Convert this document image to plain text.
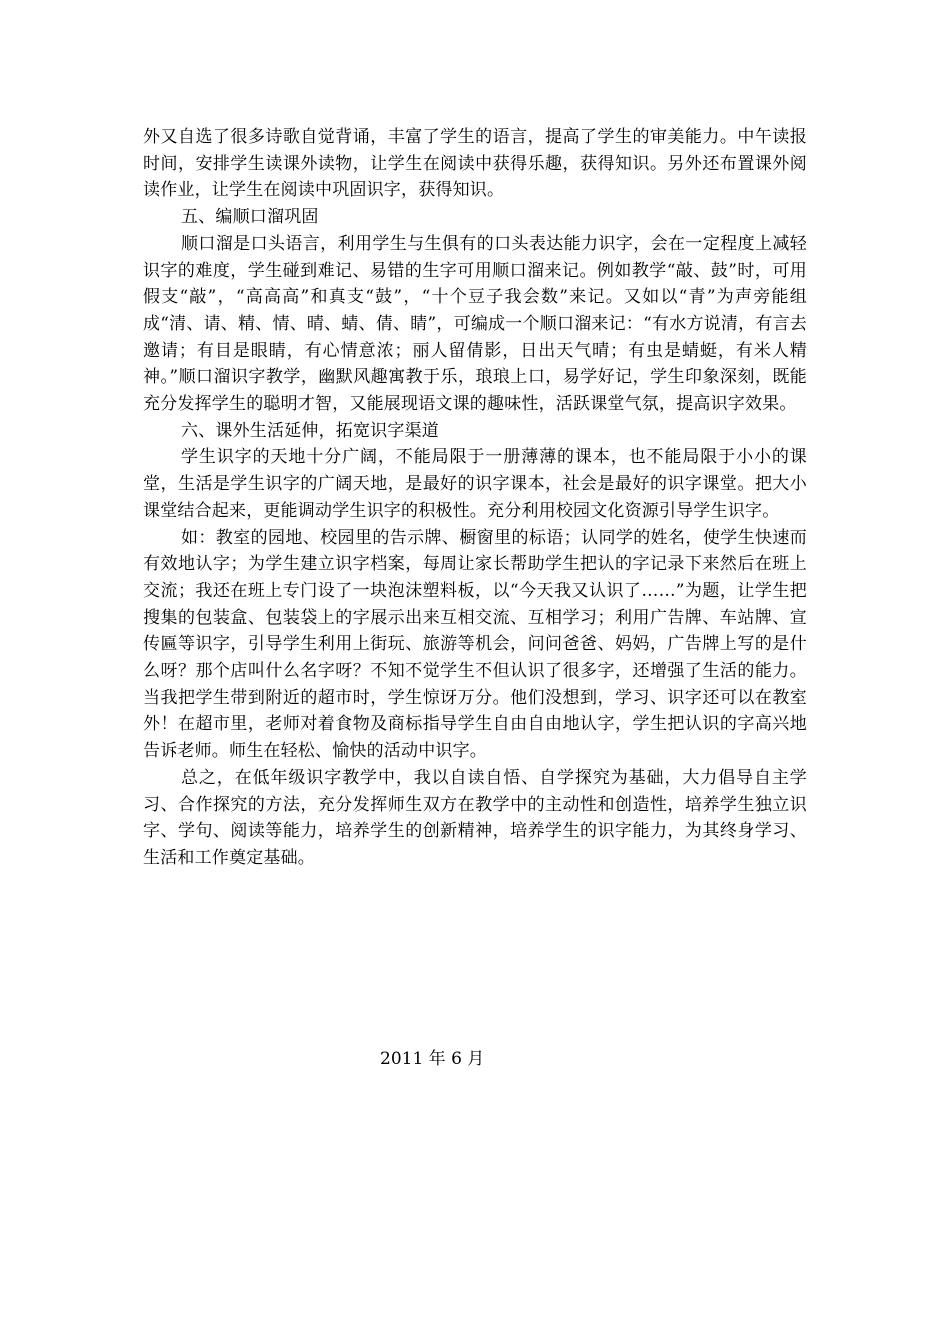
外又自选了很多诗歌自觉背诵，丰富了学生的语言，提高了学生的审美能力。中午读报时间，安排学生读课外读物，让学生在阅读中获得乐趣，获得知识。另外还布置课外阅读作业，让学生在阅读中巩固识字，获得知识。

五、编顺口溜巩固

顺口溜是口头语言，利用学生与生俱有的口头表达能力识字，会在一定程度上减轻识字的难度，学生碰到难记、易错的生字可用顺口溜来记。例如教学“敲、鼓”时，可用假支“敲”，“高高高”和真支“鼓”，“十个豆子我会数”来记。又如以“青”为声旁能组成“清、请、精、情、晴、蜻、倩、睛”，可编成一个顺口溜来记：“有水方说清，有言去邀请；有目是眼睛，有心情意浓；丽人留倩影，日出天气晴；有虫是蜻蜓，有米人精神。”顺口溜识字教学，幽默风趣寓教于乐，琅琅上口，易学好记，学生印象深刻，既能充分发挥学生的聪明才智，又能展现语文课的趣味性，活跃课堂气氛，提高识字效果。

六、课外生活延伸，拓宽识字渠道

学生识字的天地十分广阔，不能局限于一册薄薄的课本，也不能局限于小小的课堂，生活是学生识字的广阔天地，是最好的识字课本，社会是最好的识字课堂。把大小课堂结合起来，更能调动学生识字的积极性。充分利用校园文化资源引导学生识字。

如：教室的园地、校园里的告示牌、橱窗里的标语；认同学的姓名，使学生快速而有效地认字；为学生建立识字档案，每周让家长帮助学生把认的字记录下来然后在班上交流；我还在班上专门设了一块泡沫塑料板，以“今天我又认识了……”为题，让学生把搜集的包装盒、包装袋上的字展示出来互相交流、互相学习；利用广告牌、车站牌、宣传匾等识字，引导学生利用上街玩、旅游等机会，问问爸爸、妈妈，广告牌上写的是什么呀？那个店叫什么名字呀？不知不觉学生不但认识了很多字，还增强了生活的能力。当我把学生带到附近的超市时，学生惊讶万分。他们没想到，学习、识字还可以在教室外！在超市里，老师对着食物及商标指导学生自由自由地认字，学生把认识的字高兴地告诉老师。师生在轻松、愉快的活动中识字。

总之，在低年级识字教学中，我以自读自悟、自学探究为基础，大力倡导自主学习、合作探究的方法，充分发挥师生双方在教学中的主动性和创造性，培养学生独立识字、学句、阅读等能力，培养学生的创新精神，培养学生的识字能力，为其终身学习、生活和工作奠定基础。

2011 年 6 月
